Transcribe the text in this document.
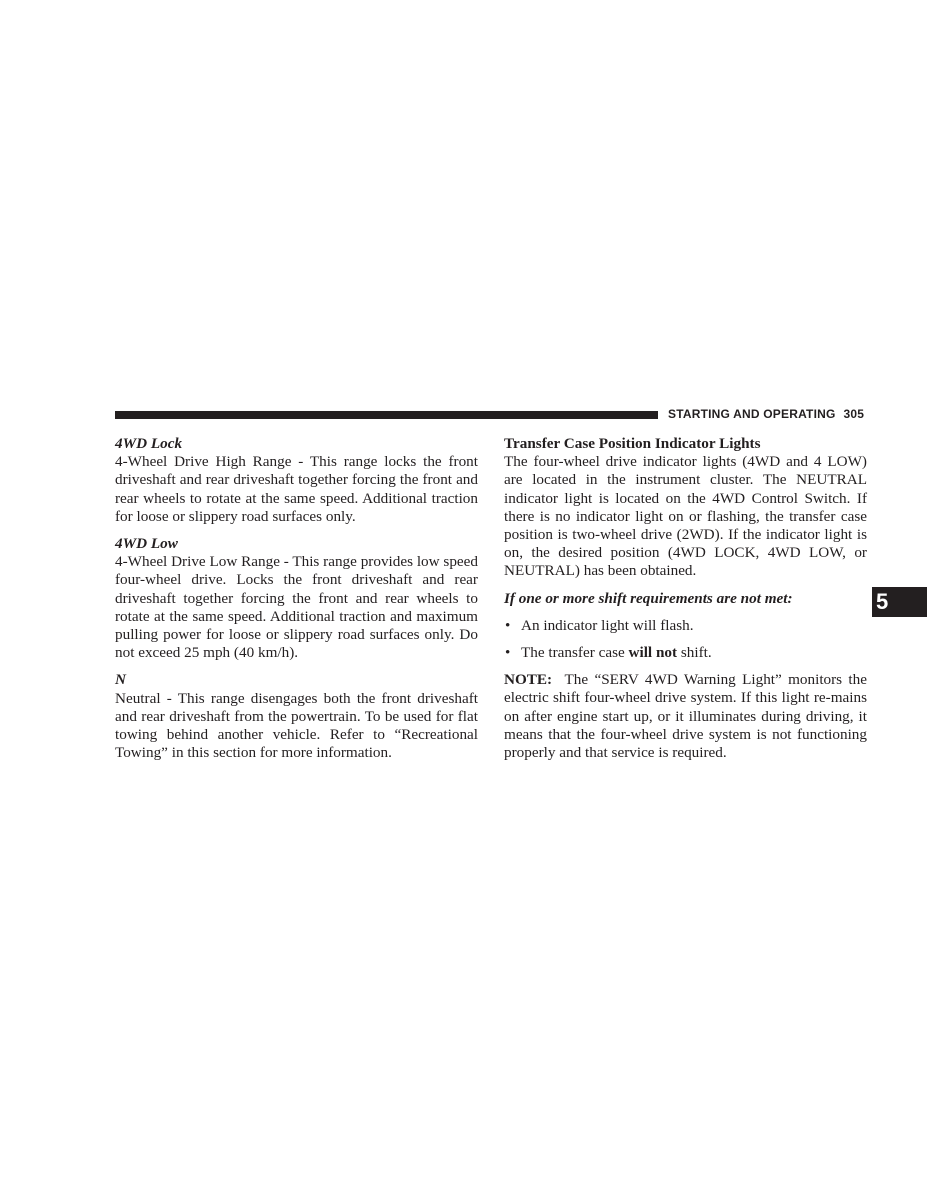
STARTING AND OPERATING 305
5

4WD Lock

4-Wheel Drive High Range - This range locks the front driveshaft and rear driveshaft together forcing the front and rear wheels to rotate at the same speed. Additional traction for loose or slippery road surfaces only.

4WD Low

4-Wheel Drive Low Range - This range provides low speed four-wheel drive. Locks the front driveshaft and rear driveshaft together forcing the front and rear wheels to rotate at the same speed. Additional traction and maximum pulling power for loose or slippery road surfaces only. Do not exceed 25 mph (40 km/h).

N

Neutral - This range disengages both the front driveshaft and rear driveshaft from the powertrain. To be used for flat towing behind another vehicle. Refer to “Recreational Towing” in this section for more information.

Transfer Case Position Indicator Lights

The four-wheel drive indicator lights (4WD and 4 LOW) are located in the instrument cluster. The NEUTRAL indicator light is located on the 4WD Control Switch. If there is no indicator light on or flashing, the transfer case position is two-wheel drive (2WD). If the indicator light is on, the desired position (4WD LOCK, 4WD LOW, or NEUTRAL) has been obtained.

If one or more shift requirements are not met:

• An indicator light will flash.

• The transfer case will not shift.

NOTE:  The “SERV 4WD Warning Light” monitors the electric shift four-wheel drive system. If this light re-mains on after engine start up, or it illuminates during driving, it means that the four-wheel drive system is not functioning properly and that service is required.
